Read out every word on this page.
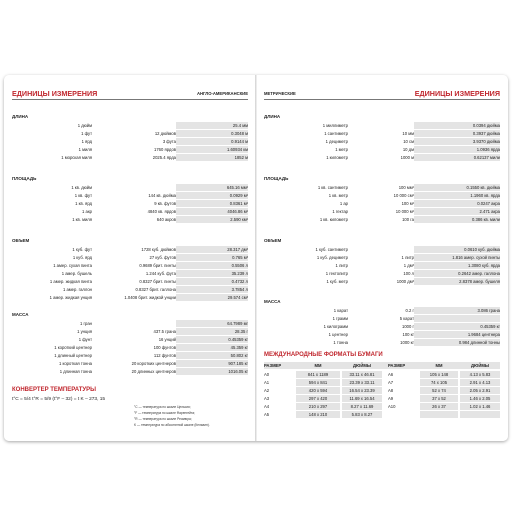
ЕДИНИЦЫ ИЗМЕРЕНИЯ	АНГЛО-АМЕРИКАНСКИЕ
ДЛИНА
1 дюйм	25.4 мм
1 фут	12 дюймов	0.3048 м
1 ярд	3 фута	0.9144 м
1 миля	1760 ярдов	1.60934 км
1 морская миля	2025.4 ярда	1852 м
ПЛОЩАДЬ
1 кв. дюйм	645.16 мм²
1 кв. фут	144 кв. дюйма	0.0929 м²
1 кв. ярд	9 кв. футов	0.8361 м²
1 акр	4840 кв. ярдов	4046.86 м²
1 кв. миля	640 акров	2.590 км²
ОБЪЕМ
1 куб. фут	1728 куб. дюймов	28.317 дм³
1 куб. ярд	27 куб. футов	0.765 м³
1 амер. сухая пинта	0.9689 брит. пинты	0.5506 л
1 амер. бушель	1.244 куб. фута	35.239 л
1 амер. жидкая пинта	0.8327 брит. пинты	0.4732 л
1 амер. галлон	0.8327 брит. галлона	3.7854 л
1 амер. жидкая унция	1.0408 брит. жидкой унции	29.574 см³
МАССА
1 гран	64.7989 мг
1 унция	437.5 грана	28.35 г
1 фунт	16 унций	0.45359 кг
1 короткий центнер	100 фунтов	45.359 кг
1 длинный центнер	112 фунтов	50.802 кг
1 короткая тонна	20 коротких центнеров	907.185 кг
1 длинная тонна	20 длинных центнеров	1016.05 кг
КОНВЕРТЕР ТЕМПЕРАТУРЫ
t°С = 5/4 t°R = 5/9 (t°F – 32) = t K – 273, 15
°С — температура по шкале Цельсия;
°F — температура по шкале Фаренгейта;
°R — температура по шкале Реомюра;
K — температура по абсолютной шкале (Кельвин).
МЕТРИЧЕСКИЕ	ЕДИНИЦЫ ИЗМЕРЕНИЯ
ДЛИНА
1 миллиметр	0.0394 дюйма
1 сантиметр	10 мм	0.3937 дюйма
1 дециметр	10 см	3.9370 дюйма
1 метр	10 дм	1.0936 ярда
1 километр	1000 м	0.62137 мили
ПЛОЩАДЬ
1 кв. сантиметр	100 мм²	0.1550 кв. дюйма
1 кв. метр	10 000 см²	1.1960 кв. ярда
1 ар	100 м²	0.0247 акра
1 гектар	10 000 м²	2.471 акра
1 кв. километр	100 га	0.386 кв. мили
ОБЪЕМ
1 куб. сантиметр	0.0610 куб. дюйма
1 куб. дециметр	1 литр	1.816 амер. сухой пинты
1 литр	1 дм³	1.3080 куб. ярда
1 гектолитр	100 л	0.2642 амер. галлона
1 куб. метр	1000 дм³	2.8378 амер. бушеля
МАССА
1 карат	0.2 г	3.086 грана
1 грамм	5 карат
1 килограмм	1000 г	0.45359 кг
1 центнер	100 кг	1.9684 центнера
1 тонна	1000 кг	0.984 длинной тонны
МЕЖДУНАРОДНЫЕ ФОРМАТЫ БУМАГИ
РАЗМЕР	ММ	ДЮЙМЫ	РАЗМЕР	ММ	ДЮЙМЫ
A0	841 x 1189	33.11 x 46.81	A6	105 x 148	4.13 x 5.83
A1	594 x 841	23.39 x 33.11	A7	74 x 105	2.91 x 4.13
A2	420 x 594	16.54 x 23.39	A8	52 x 74	2.05 x 2.91
A3	297 x 420	11.69 x 16.54	A9	37 x 52	1.46 x 2.05
A4	210 x 297	8.27 x 11.69	A10	26 x 37	1.02 x 1.46
A5	148 x 210	5.83 x 8.27
